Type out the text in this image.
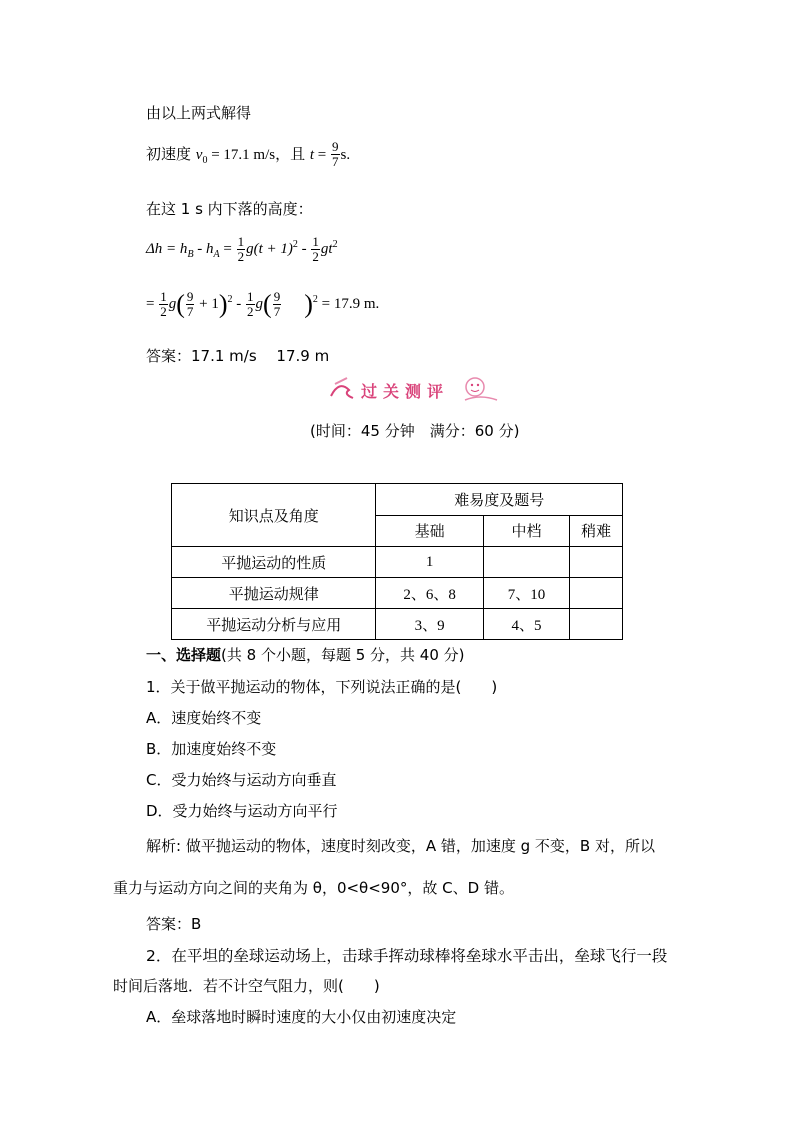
由以上两式解得
初速度 $v_0 = 17.1$ m/s，且 $t = \frac{9}{7} s$.
在这 1 s 内下落的高度：
$\Delta h = h_B - h_A = \frac{1}{2} g(t + 1)^2 - \frac{1}{2} gt^2$
= $\frac{1}{2} g( \frac{9}{7} + 1)^2 - \frac{1}{2} g( \frac{9}{7} )^2 = 17.9$ m.
答案：17.1 m/s　 17.9 m
过关测评
(时间：45 分钟　满分：60 分)
知识点及角度	难易度及题号		
	基础	中档	稍难
平抛运动的性质	1		
平抛运动规律	2、6、8	7、10	
平抛运动分析与应用	3、9	4、5	
一、选择题(共 8 个小题，每题 5 分，共 40 分)
1．关于做平抛运动的物体，下列说法正确的是(　　)
A．速度始终不变
B．加速度始终不变
C．受力始终与运动方向垂直
D．受力始终与运动方向平行
解析: 做平抛运动的物体，速度时刻改变，A 错，加速度 g 不变，B 对，所以
重力与运动方向之间的夹角为 θ，0<θ<90°，故 C、D 错。
答案：B
2．在平坦的垒球运动场上，击球手挥动球棒将垒球水平击出，垒球飞行一段
时间后落地．若不计空气阻力，则(　　)
A．垒球落地时瞬时速度的大小仅由初速度决定
